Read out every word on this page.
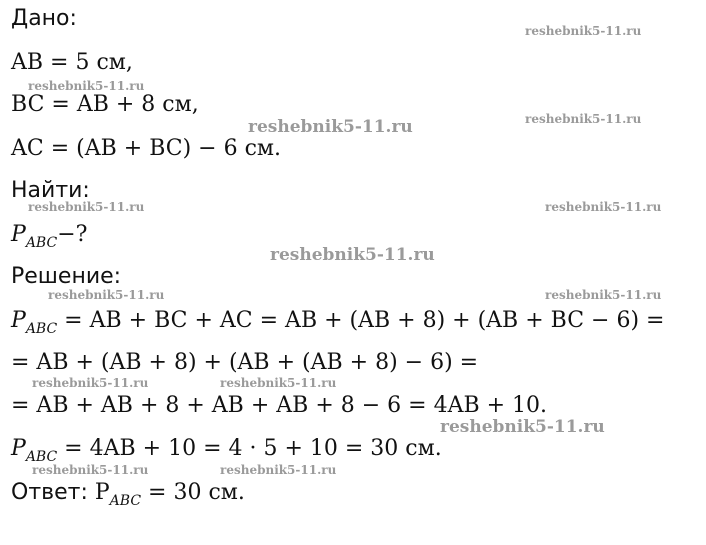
Дано:
AB = 5 см,
BC = AB + 8 см,
AC = (AB + BC) − 6 см.
Найти:
$P_{ABC}-$?
Решение:
$P_{ABC}$ = AB + BC + AC = AB + (AB + 8) + (AB + BC − 6) =
= AB + (AB + 8) + (AB + (AB + 8) − 6) =
= AB + AB + 8 + AB + AB + 8 − 6 = 4AB + 10.
$P_{ABC} = 4AB + 10 = 4 \cdot 5 + 10 = 30$ см.
Ответ: $P_{ABC} = 30$ см.
reshebnik5-11.ru
reshebnik5-11.ru
reshebnik5-11.ru	reshebnik5-11.ru
reshebnik5-11.ru	reshebnik5-11.ru
reshebnik5-11.ru
reshebnik5-11.ru	reshebnik5-11.ru
reshebnik5-11.ru	reshebnik5-11.ru
reshebnik5-11.ru
reshebnik5-11.ru	reshebnik5-11.ru
